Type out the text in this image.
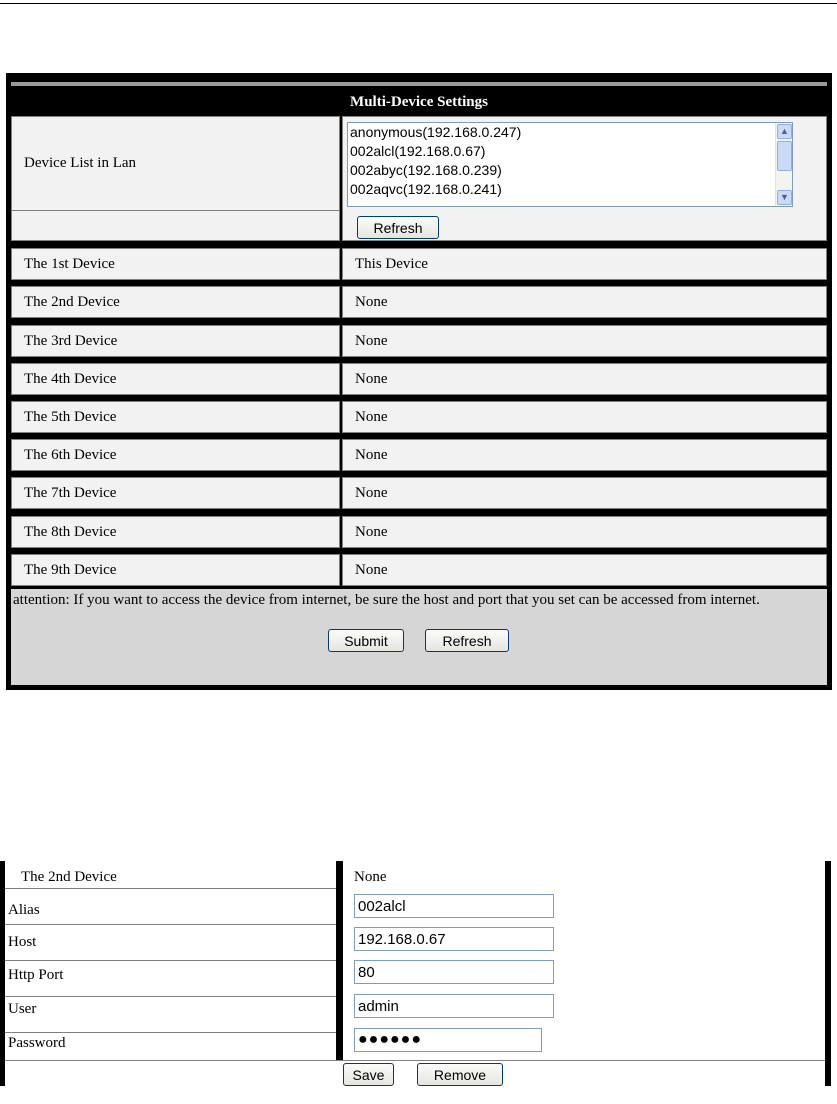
Multi-Device Settings
Device List in Lan
anonymous(192.168.0.247)
002alcl(192.168.0.67)
002abyc(192.168.0.239)
002aqvc(192.168.0.241)
▲
▼
Refresh
The 1st Device	This Device
The 2nd Device	None
The 3rd Device	None
The 4th Device	None
The 5th Device	None
The 6th Device	None
The 7th Device	None
The 8th Device	None
The 9th Device	None
attention: If you want to access the device from internet, be sure the host and port that you set can be accessed from internet.
Submit	Refresh
The 2nd Device	None
Alias	002alcl
Host	192.168.0.67
Http Port	80
User	admin
Password	●●●●●●
Save	Remove
